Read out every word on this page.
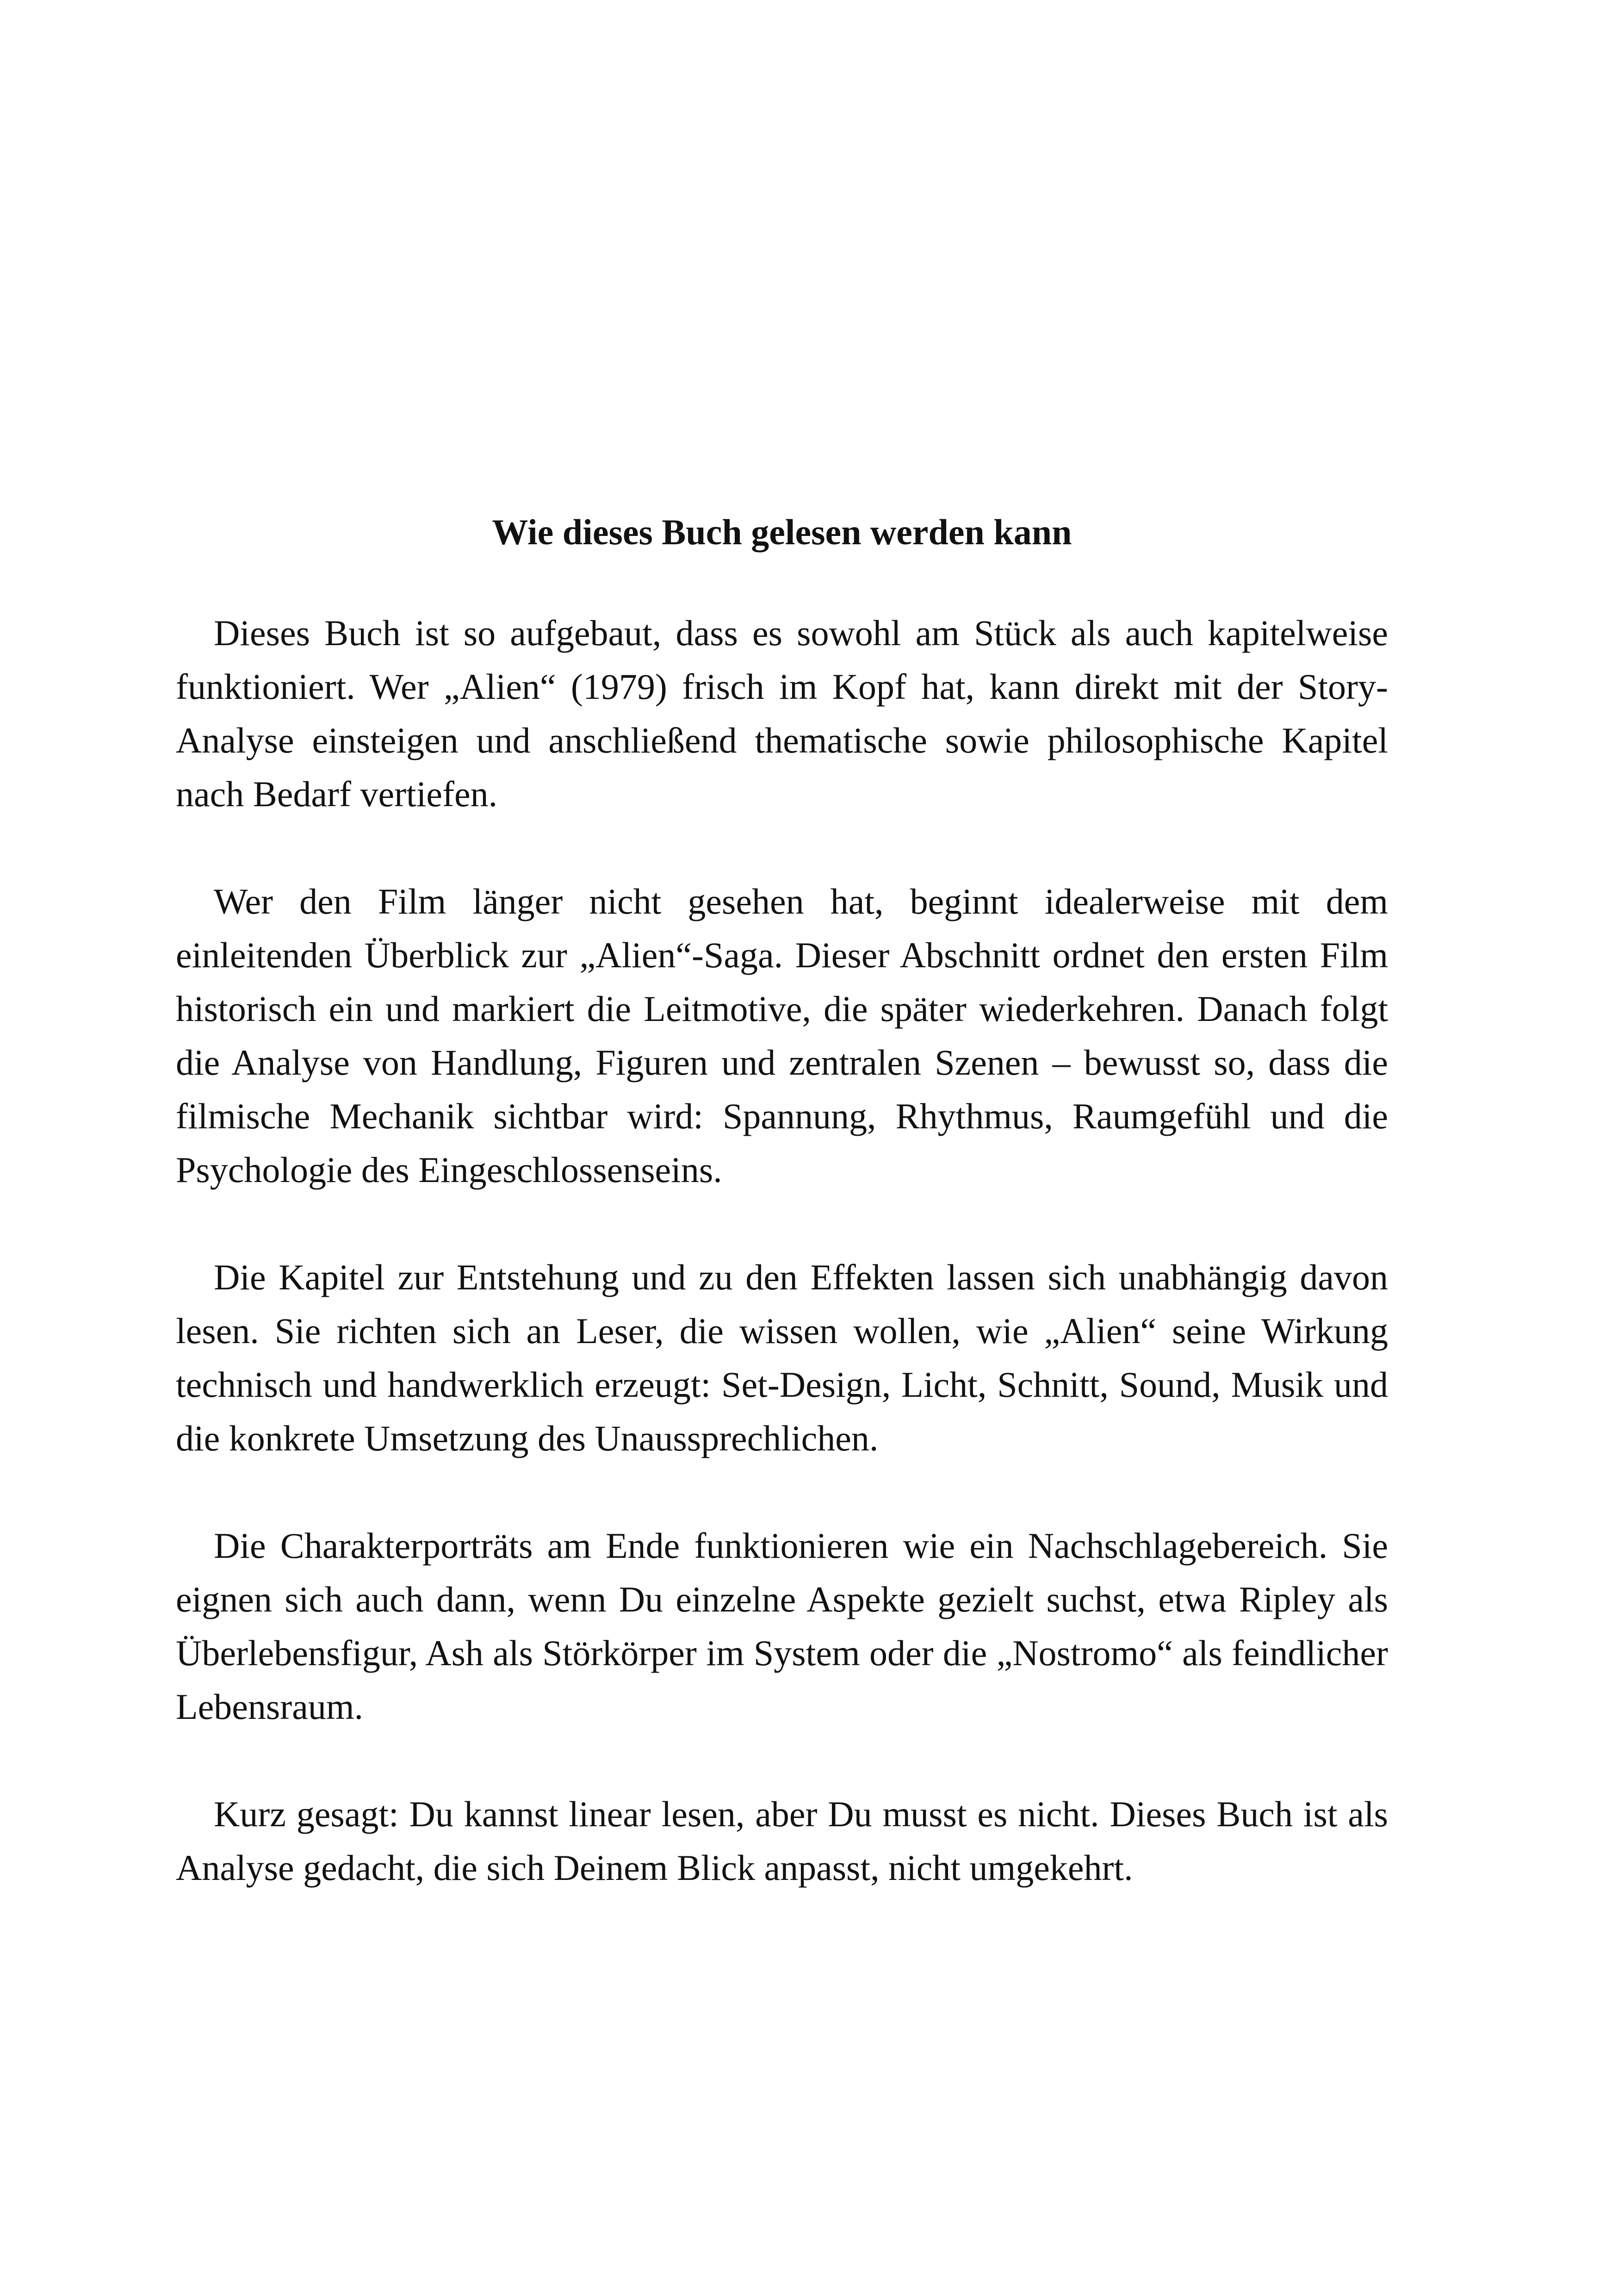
Wie dieses Buch gelesen werden kann

Dieses Buch ist so aufgebaut, dass es sowohl am Stück als auch kapitelweise funktioniert. Wer „Alien“ (1979) frisch im Kopf hat, kann direkt mit der Story-Analyse einsteigen und anschließend thematische sowie philosophische Kapitel nach Bedarf vertiefen.

Wer den Film länger nicht gesehen hat, beginnt idealerweise mit dem einleitenden Überblick zur „Alien“-Saga. Dieser Abschnitt ordnet den ersten Film historisch ein und markiert die Leitmotive, die später wiederkehren. Danach folgt die Analyse von Handlung, Figuren und zentralen Szenen – bewusst so, dass die filmische Mechanik sichtbar wird: Spannung, Rhythmus, Raumgefühl und die Psychologie des Eingeschlossenseins.

Die Kapitel zur Entstehung und zu den Effekten lassen sich unabhängig davon lesen. Sie richten sich an Leser, die wissen wollen, wie „Alien“ seine Wirkung technisch und handwerklich erzeugt: Set-Design, Licht, Schnitt, Sound, Musik und die konkrete Umsetzung des Unaussprechlichen.

Die Charakterporträts am Ende funktionieren wie ein Nachschlagebereich. Sie eignen sich auch dann, wenn Du einzelne Aspekte gezielt suchst, etwa Ripley als Überlebensfigur, Ash als Störkörper im System oder die „Nostromo“ als feindlicher Lebensraum.

Kurz gesagt: Du kannst linear lesen, aber Du musst es nicht. Dieses Buch ist als Analyse gedacht, die sich Deinem Blick anpasst, nicht umgekehrt.
